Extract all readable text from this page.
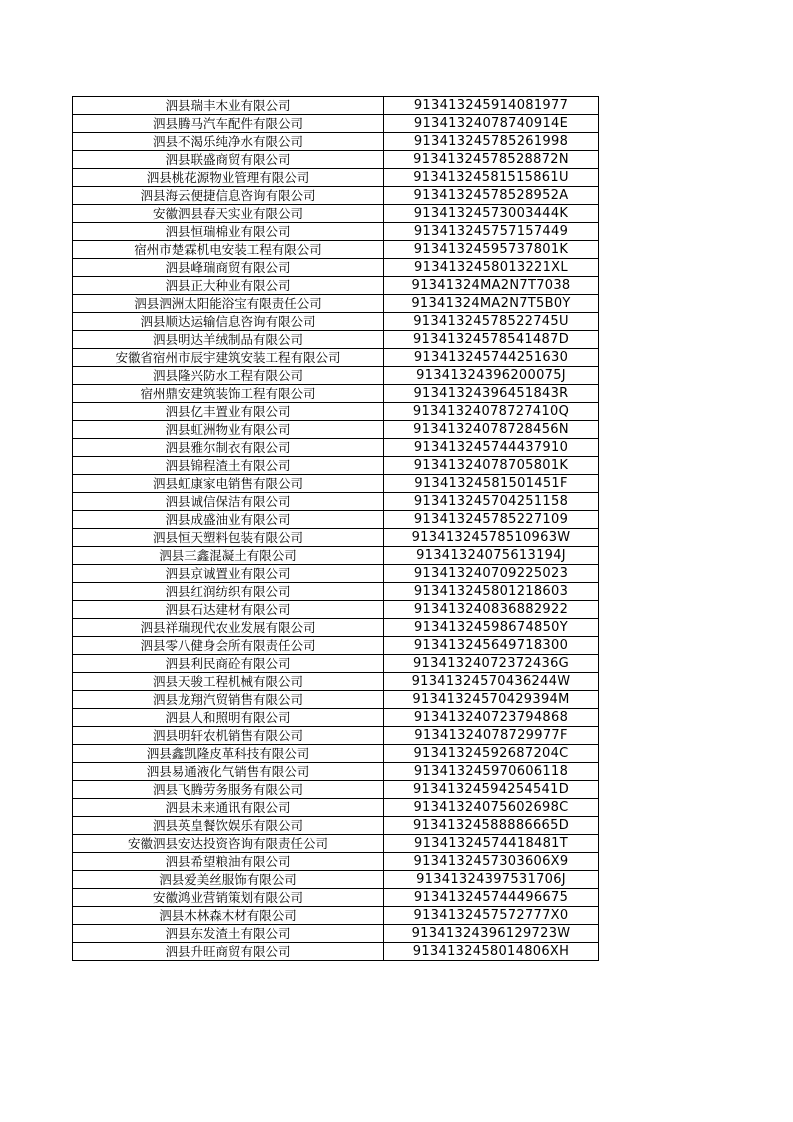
泗县瑞丰木业有限公司	913413245914081977
泗县腾马汽车配件有限公司	91341324078740914E
泗县不渴乐纯净水有限公司	913413245785261998
泗县联盛商贸有限公司	91341324578528872N
泗县桃花源物业管理有限公司	91341324581515861U
泗县海云便捷信息咨询有限公司	91341324578528952A
安徽泗县春天实业有限公司	91341324573003444K
泗县恒瑞棉业有限公司	913413245757157449
宿州市楚霖机电安装工程有限公司	91341324595737801K
泗县峰瑞商贸有限公司	9134132458013221XL
泗县正大种业有限公司	91341324MA2N7T7038
泗县泗洲太阳能浴宝有限责任公司	91341324MA2N7T5B0Y
泗县顺达运输信息咨询有限公司	91341324578522745U
泗县明达羊绒制品有限公司	91341324578541487D
安徽省宿州市辰宇建筑安装工程有限公司	913413245744251630
泗县隆兴防水工程有限公司	91341324396200075J
宿州鼎安建筑装饰工程有限公司	91341324396451843R
泗县亿丰置业有限公司	91341324078727410Q
泗县虹洲物业有限公司	91341324078728456N
泗县雅尔制衣有限公司	913413245744437910
泗县锦程渣土有限公司	91341324078705801K
泗县虹康家电销售有限公司	91341324581501451F
泗县诚信保洁有限公司	913413245704251158
泗县成盛油业有限公司	913413245785227109
泗县恒天塑料包装有限公司	91341324578510963W
泗县三鑫混凝土有限公司	91341324075613194J
泗县京诚置业有限公司	913413240709225023
泗县红润纺织有限公司	913413245801218603
泗县石达建材有限公司	913413240836882922
泗县祥瑞现代农业发展有限公司	91341324598674850Y
泗县零八健身会所有限责任公司	913413245649718300
泗县利民商砼有限公司	91341324072372436G
泗县天骏工程机械有限公司	91341324570436244W
泗县龙翔汽贸销售有限公司	91341324570429394M
泗县人和照明有限公司	913413240723794868
泗县明轩农机销售有限公司	91341324078729977F
泗县鑫凯隆皮革科技有限公司	91341324592687204C
泗县易通液化气销售有限公司	913413245970606118
泗县飞腾劳务服务有限公司	91341324594254541D
泗县未来通讯有限公司	91341324075602698C
泗县英皇餐饮娱乐有限公司	91341324588886665D
安徽泗县安达投资咨询有限责任公司	91341324574418481T
泗县希望粮油有限公司	9134132457303606X9
泗县爱美丝服饰有限公司	91341324397531706J
安徽鸿业营销策划有限公司	913413245744496675
泗县木林森木材有限公司	9134132457572777X0
泗县东发渣土有限公司	91341324396129723W
泗县升旺商贸有限公司	9134132458014806XH
